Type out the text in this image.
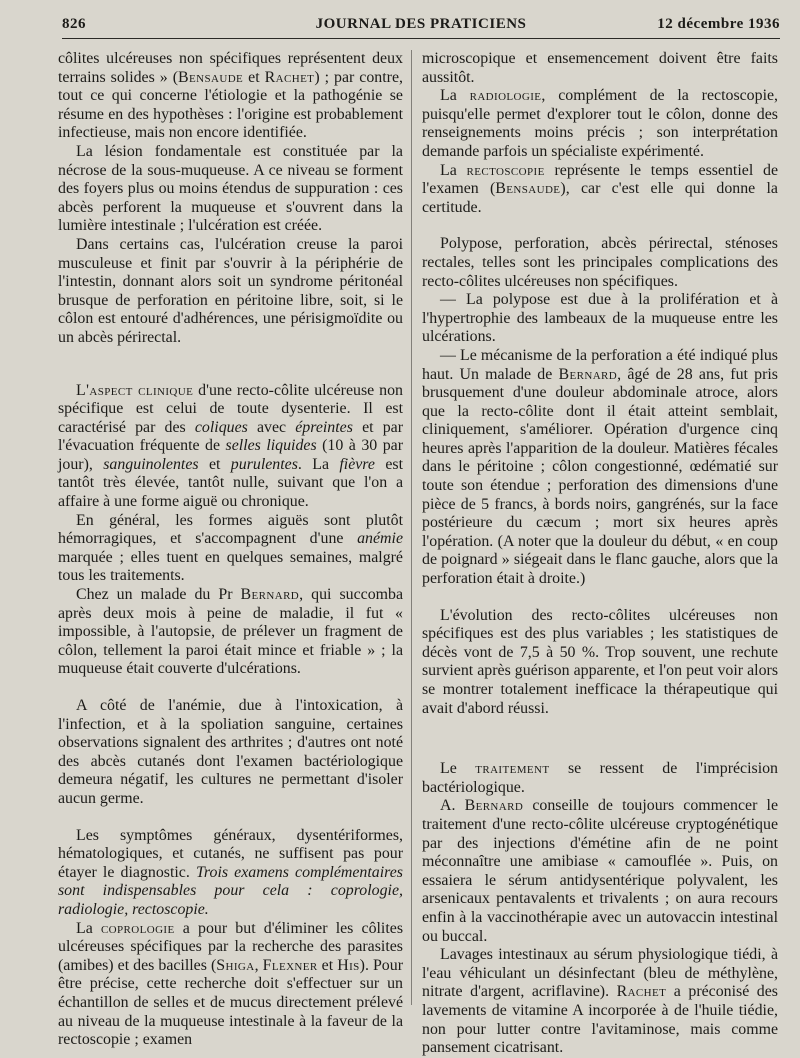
826	JOURNAL DES PRATICIENS	12 décembre 1936

côlites ulcéreuses non spécifiques représentent deux terrains solides » (Bensaude et Rachet) ; par contre, tout ce qui concerne l'étiologie et la pathogénie se résume en des hypothèses : l'origine est probablement infectieuse, mais non encore identifiée.

La lésion fondamentale est constituée par la nécrose de la sous-muqueuse. A ce niveau se forment des foyers plus ou moins étendus de suppuration : ces abcès perforent la muqueuse et s'ouvrent dans la lumière intestinale ; l'ulcération est créée.

Dans certains cas, l'ulcération creuse la paroi musculeuse et finit par s'ouvrir à la périphérie de l'intestin, donnant alors soit un syndrome péritonéal brusque de perforation en péritoine libre, soit, si le côlon est entouré d'adhérences, une périsigmoïdite ou un abcès périrectal.

L'aspect clinique d'une recto-côlite ulcéreuse non spécifique est celui de toute dysenterie. Il est caractérisé par des coliques avec épreintes et par l'évacuation fréquente de selles liquides (10 à 30 par jour), sanguinolentes et purulentes. La fièvre est tantôt très élevée, tantôt nulle, suivant que l'on a affaire à une forme aiguë ou chronique.

En général, les formes aiguës sont plutôt hémorragiques, et s'accompagnent d'une anémie marquée ; elles tuent en quelques semaines, malgré tous les traitements.

Chez un malade du Pr Bernard, qui succomba après deux mois à peine de maladie, il fut « impossible, à l'autopsie, de prélever un fragment de côlon, tellement la paroi était mince et friable » ; la muqueuse était couverte d'ulcérations.

A côté de l'anémie, due à l'intoxication, à l'infection, et à la spoliation sanguine, certaines observations signalent des arthrites ; d'autres ont noté des abcès cutanés dont l'examen bactériologique demeura négatif, les cultures ne permettant d'isoler aucun germe.

Les symptômes généraux, dysentériformes, hématologiques, et cutanés, ne suffisent pas pour étayer le diagnostic. Trois examens complémentaires sont indispensables pour cela : coprologie, radiologie, rectoscopie.

La coprologie a pour but d'éliminer les côlites ulcéreuses spécifiques par la recherche des parasites (amibes) et des bacilles (Shiga, Flexner et His). Pour être précise, cette recherche doit s'effectuer sur un échantillon de selles et de mucus directement prélevé au niveau de la muqueuse intestinale à la faveur de la rectoscopie ; examen

microscopique et ensemencement doivent être faits aussitôt.

La radiologie, complément de la rectoscopie, puisqu'elle permet d'explorer tout le côlon, donne des renseignements moins précis ; son interprétation demande parfois un spécialiste expérimenté.

La rectoscopie représente le temps essentiel de l'examen (Bensaude), car c'est elle qui donne la certitude.

Polypose, perforation, abcès périrectal, sténoses rectales, telles sont les principales complications des recto-côlites ulcéreuses non spécifiques.

— La polypose est due à la prolifération et à l'hypertrophie des lambeaux de la muqueuse entre les ulcérations.

— Le mécanisme de la perforation a été indiqué plus haut. Un malade de Bernard, âgé de 28 ans, fut pris brusquement d'une douleur abdominale atroce, alors que la recto-côlite dont il était atteint semblait, cliniquement, s'améliorer. Opération d'urgence cinq heures après l'apparition de la douleur. Matières fécales dans le péritoine ; côlon congestionné, œdématié sur toute son étendue ; perforation des dimensions d'une pièce de 5 francs, à bords noirs, gangrénés, sur la face postérieure du cæcum ; mort six heures après l'opération. (A noter que la douleur du début, « en coup de poignard » siégeait dans le flanc gauche, alors que la perforation était à droite.)

L'évolution des recto-côlites ulcéreuses non spécifiques est des plus variables ; les statistiques de décès vont de 7,5 à 50 %. Trop souvent, une rechute survient après guérison apparente, et l'on peut voir alors se montrer totalement inefficace la thérapeutique qui avait d'abord réussi.

Le traitement se ressent de l'imprécision bactériologique.

A. Bernard conseille de toujours commencer le traitement d'une recto-côlite ulcéreuse cryptogénétique par des injections d'émétine afin de ne point méconnaître une amibiase « camouflée ». Puis, on essaiera le sérum antidysentérique polyvalent, les arsenicaux pentavalents et trivalents ; on aura recours enfin à la vaccinothérapie avec un autovaccin intestinal ou buccal.

Lavages intestinaux au sérum physiologique tiédi, à l'eau véhiculant un désinfectant (bleu de méthylène, nitrate d'argent, acriflavine). Rachet a préconisé des lavements de vitamine A incorporée à de l'huile tiédie, non pour lutter contre l'avitaminose, mais comme pansement cicatrisant.
